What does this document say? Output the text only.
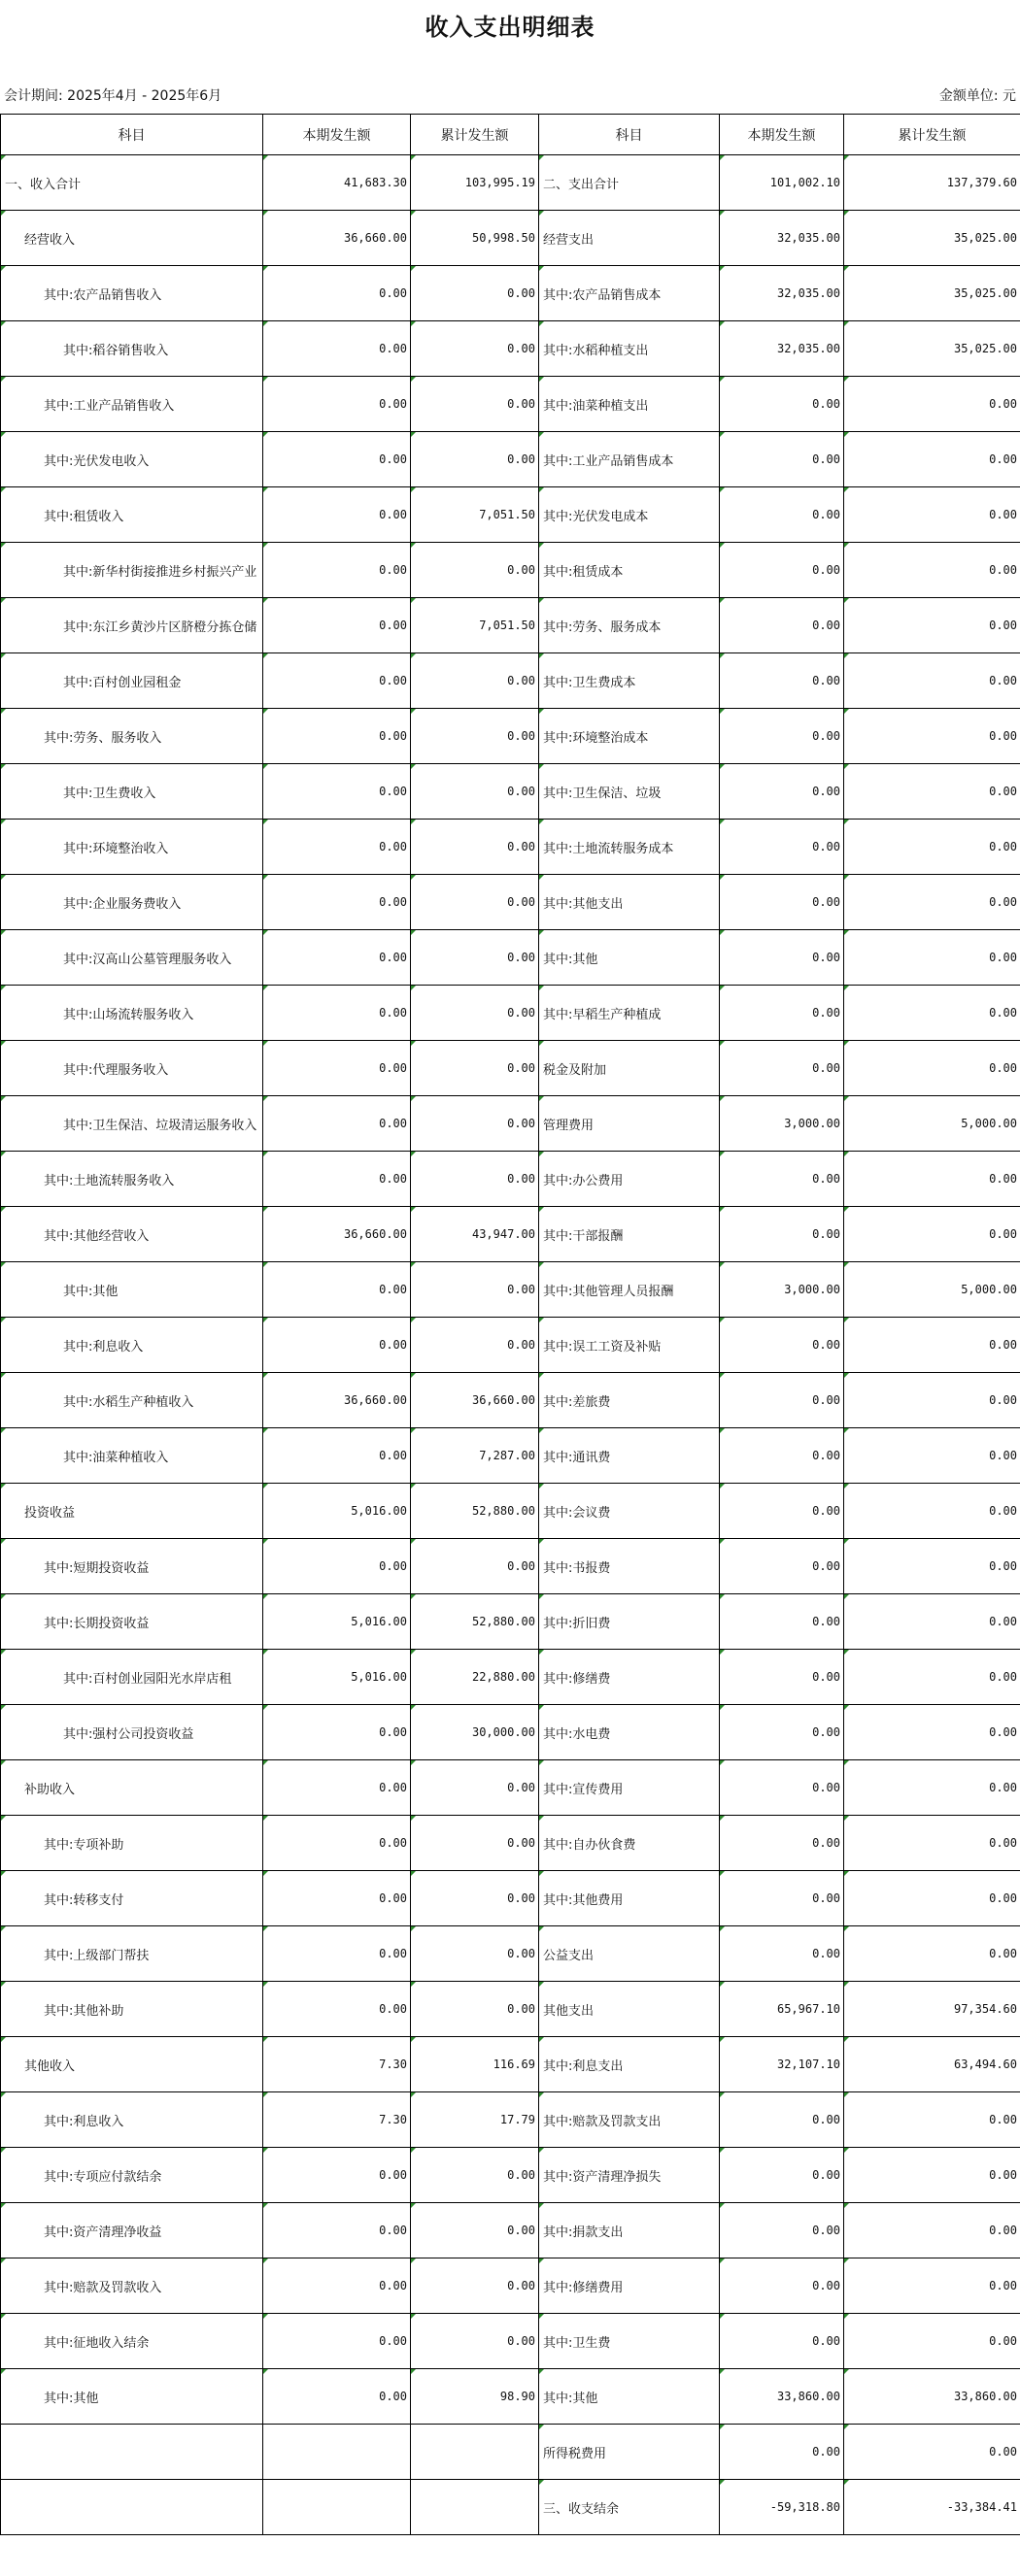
收入支出明细表
会计期间: 2025年4月 - 2025年6月	金额单位: 元
科目	本期发生额	累计发生额	科目	本期发生额	累计发生额
一、收入合计	41,683.30	103,995.19	二、支出合计	101,002.10	137,379.60
经营收入	36,660.00	50,998.50	经营支出	32,035.00	35,025.00
其中:农产品销售收入	0.00	0.00	其中:农产品销售成本	32,035.00	35,025.00
其中:稻谷销售收入	0.00	0.00	其中:水稻种植支出	32,035.00	35,025.00
其中:工业产品销售收入	0.00	0.00	其中:油菜种植支出	0.00	0.00
其中:光伏发电收入	0.00	0.00	其中:工业产品销售成本	0.00	0.00
其中:租赁收入	0.00	7,051.50	其中:光伏发电成本	0.00	0.00
其中:新华村街接推进乡村振兴产业	0.00	0.00	其中:租赁成本	0.00	0.00
其中:东江乡黄沙片区脐橙分拣仓储	0.00	7,051.50	其中:劳务、服务成本	0.00	0.00
其中:百村创业园租金	0.00	0.00	其中:卫生费成本	0.00	0.00
其中:劳务、服务收入	0.00	0.00	其中:环境整治成本	0.00	0.00
其中:卫生费收入	0.00	0.00	其中:卫生保洁、垃圾	0.00	0.00
其中:环境整治收入	0.00	0.00	其中:土地流转服务成本	0.00	0.00
其中:企业服务费收入	0.00	0.00	其中:其他支出	0.00	0.00
其中:汉高山公墓管理服务收入	0.00	0.00	其中:其他	0.00	0.00
其中:山场流转服务收入	0.00	0.00	其中:早稻生产种植成	0.00	0.00
其中:代理服务收入	0.00	0.00	税金及附加	0.00	0.00
其中:卫生保洁、垃圾清运服务收入	0.00	0.00	管理费用	3,000.00	5,000.00
其中:土地流转服务收入	0.00	0.00	其中:办公费用	0.00	0.00
其中:其他经营收入	36,660.00	43,947.00	其中:干部报酬	0.00	0.00
其中:其他	0.00	0.00	其中:其他管理人员报酬	3,000.00	5,000.00
其中:利息收入	0.00	0.00	其中:误工工资及补贴	0.00	0.00
其中:水稻生产种植收入	36,660.00	36,660.00	其中:差旅费	0.00	0.00
其中:油菜种植收入	0.00	7,287.00	其中:通讯费	0.00	0.00
投资收益	5,016.00	52,880.00	其中:会议费	0.00	0.00
其中:短期投资收益	0.00	0.00	其中:书报费	0.00	0.00
其中:长期投资收益	5,016.00	52,880.00	其中:折旧费	0.00	0.00
其中:百村创业园阳光水岸店租	5,016.00	22,880.00	其中:修缮费	0.00	0.00
其中:强村公司投资收益	0.00	30,000.00	其中:水电费	0.00	0.00
补助收入	0.00	0.00	其中:宣传费用	0.00	0.00
其中:专项补助	0.00	0.00	其中:自办伙食费	0.00	0.00
其中:转移支付	0.00	0.00	其中:其他费用	0.00	0.00
其中:上级部门帮扶	0.00	0.00	公益支出	0.00	0.00
其中:其他补助	0.00	0.00	其他支出	65,967.10	97,354.60
其他收入	7.30	116.69	其中:利息支出	32,107.10	63,494.60
其中:利息收入	7.30	17.79	其中:赔款及罚款支出	0.00	0.00
其中:专项应付款结余	0.00	0.00	其中:资产清理净损失	0.00	0.00
其中:资产清理净收益	0.00	0.00	其中:捐款支出	0.00	0.00
其中:赔款及罚款收入	0.00	0.00	其中:修缮费用	0.00	0.00
其中:征地收入结余	0.00	0.00	其中:卫生费	0.00	0.00
其中:其他	0.00	98.90	其中:其他	33,860.00	33,860.00
			所得税费用	0.00	0.00
			三、收支结余	-59,318.80	-33,384.41
